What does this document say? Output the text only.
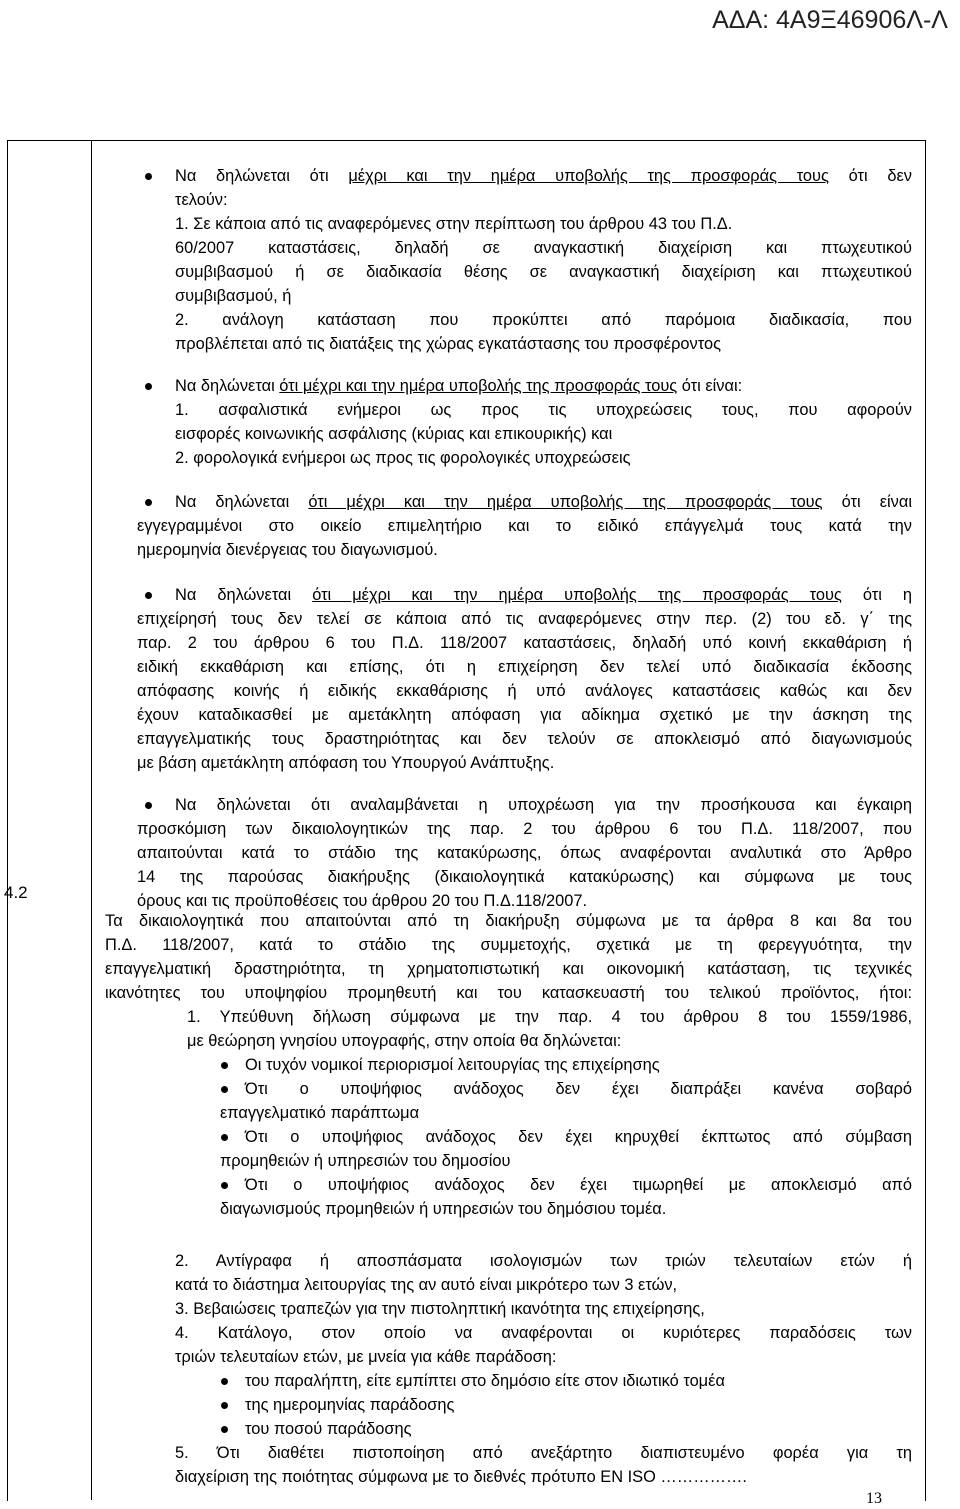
ΑΔΑ: 4Α9Ξ46906Λ-Λ
4.2
Να δηλώνεται ότι μέχρι και την ημέρα υποβολής της προσφοράς τους ότι δεν
τελούν:
1. Σε κάποια από τις αναφερόμενες στην περίπτωση του άρθρου 43 του Π.Δ.
60/2007 καταστάσεις, δηλαδή σε αναγκαστική διαχείριση και πτωχευτικού
συμβιβασμού ή σε διαδικασία θέσης σε αναγκαστική διαχείριση και πτωχευτικού
συμβιβασμού, ή
2. ανάλογη κατάσταση που προκύπτει από παρόμοια διαδικασία, που
προβλέπεται από τις διατάξεις της χώρας εγκατάστασης του προσφέροντος
Να δηλώνεται ότι μέχρι και την ημέρα υποβολής της προσφοράς τους ότι είναι:
1. ασφαλιστικά ενήμεροι ως προς τις υποχρεώσεις τους, που αφορούν
εισφορές κοινωνικής ασφάλισης (κύριας και επικουρικής) και
2. φορολογικά ενήμεροι ως προς τις φορολογικές υποχρεώσεις
Να δηλώνεται ότι μέχρι και την ημέρα υποβολής της προσφοράς τους ότι είναι
εγγεγραμμένοι στο οικείο επιμελητήριο και το ειδικό επάγγελμά τους κατά την
ημερομηνία διενέργειας του διαγωνισμού.
Να δηλώνεται ότι μέχρι και την ημέρα υποβολής της προσφοράς τους ότι η
επιχείρησή τους δεν τελεί σε κάποια από τις αναφερόμενες στην περ. (2) του εδ. γ΄ της
παρ. 2 του άρθρου 6 του Π.Δ. 118/2007 καταστάσεις, δηλαδή υπό κοινή εκκαθάριση ή
ειδική εκκαθάριση και επίσης, ότι η επιχείρηση δεν τελεί υπό διαδικασία έκδοσης
απόφασης κοινής ή ειδικής εκκαθάρισης ή υπό ανάλογες καταστάσεις καθώς και δεν
έχουν καταδικασθεί με αμετάκλητη απόφαση για αδίκημα σχετικό με την άσκηση της
επαγγελματικής τους δραστηριότητας και δεν τελούν σε αποκλεισμό από διαγωνισμούς
με βάση αμετάκλητη απόφαση του Υπουργού Ανάπτυξης.
Να δηλώνεται ότι αναλαμβάνεται η υποχρέωση για την προσήκουσα και έγκαιρη
προσκόμιση των δικαιολογητικών της παρ. 2 του άρθρου 6 του Π.Δ. 118/2007, που
απαιτούνται κατά το στάδιο της κατακύρωσης, όπως αναφέρονται αναλυτικά στο Άρθρο
14 της παρούσας διακήρυξης (δικαιολογητικά κατακύρωσης) και σύμφωνα με τους
όρους και τις προϋποθέσεις του άρθρου 20 του Π.Δ.118/2007.
Τα δικαιολογητικά που απαιτούνται από τη διακήρυξη σύμφωνα με τα άρθρα 8 και 8α του
Π.Δ. 118/2007, κατά το στάδιο της συμμετοχής, σχετικά με τη φερεγγυότητα, την
επαγγελματική δραστηριότητα, τη χρηματοπιστωτική και οικονομική κατάσταση, τις τεχνικές
ικανότητες του υποψηφίου προμηθευτή και του κατασκευαστή του τελικού προϊόντος, ήτοι:
1. Υπεύθυνη δήλωση σύμφωνα με την παρ. 4 του άρθρου 8 του 1559/1986,
με θεώρηση γνησίου υπογραφής, στην οποία θα δηλώνεται:
Οι τυχόν νομικοί περιορισμοί λειτουργίας της επιχείρησης
Ότι ο υποψήφιος ανάδοχος δεν έχει διαπράξει κανένα σοβαρό
επαγγελματικό παράπτωμα
Ότι ο υποψήφιος ανάδοχος δεν έχει κηρυχθεί έκπτωτος από σύμβαση
προμηθειών ή υπηρεσιών του δημοσίου
Ότι ο υποψήφιος ανάδοχος δεν έχει τιμωρηθεί με αποκλεισμό από
διαγωνισμούς προμηθειών ή υπηρεσιών του δημόσιου τομέα.
2. Αντίγραφα ή αποσπάσματα ισολογισμών των τριών τελευταίων ετών ή
κατά το διάστημα λειτουργίας της αν αυτό είναι μικρότερο των 3 ετών,
3. Βεβαιώσεις τραπεζών για την πιστοληπτική ικανότητα της επιχείρησης,
4. Κατάλογο, στον οποίο να αναφέρονται οι κυριότερες παραδόσεις των
τριών τελευταίων ετών, με μνεία για κάθε παράδοση:
του παραλήπτη, είτε εμπίπτει στο δημόσιο είτε στον ιδιωτικό τομέα
της ημερομηνίας παράδοσης
του ποσού παράδοσης
5. Ότι διαθέτει πιστοποίηση από ανεξάρτητο διαπιστευμένο φορέα για τη
διαχείριση της ποιότητας σύμφωνα με το διεθνές πρότυπο EN ISO …………….
13
